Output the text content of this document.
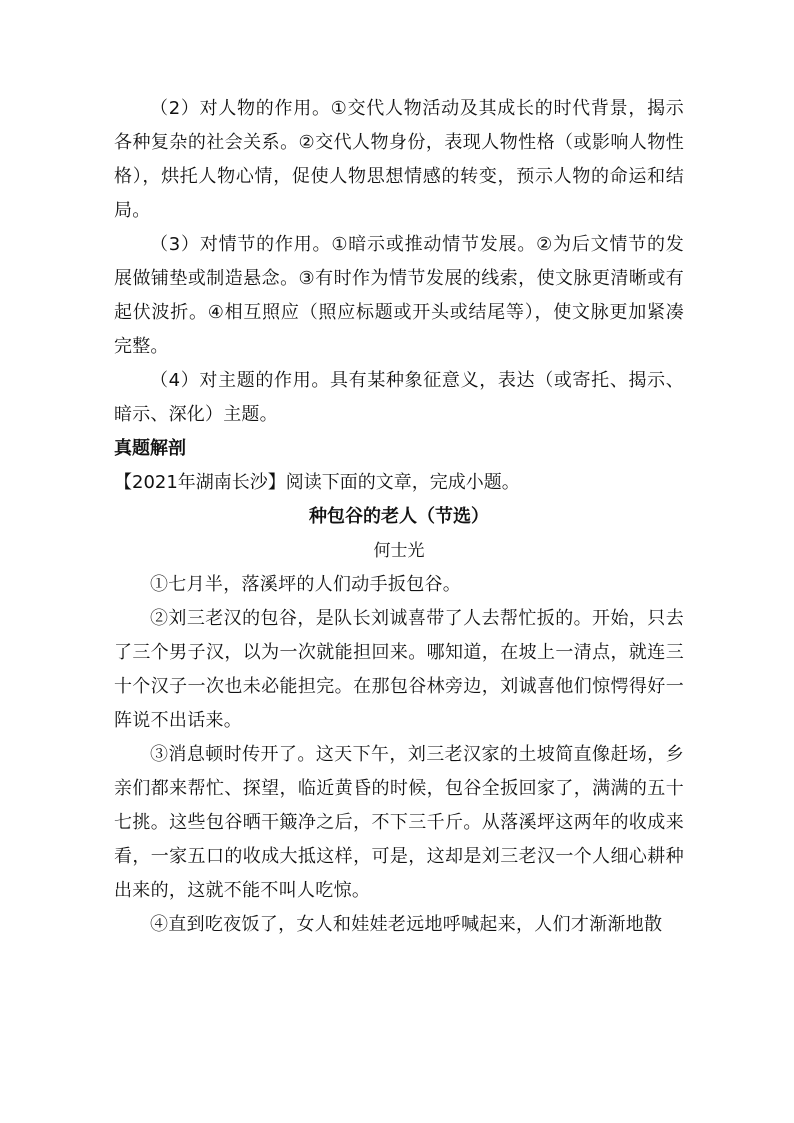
（2）对人物的作用。①交代人物活动及其成长的时代背景，揭示各种复杂的社会关系。②交代人物身份，表现人物性格（或影响人物性格），烘托人物心情，促使人物思想情感的转变，预示人物的命运和结局。

（3）对情节的作用。①暗示或推动情节发展。②为后文情节的发展做铺垫或制造悬念。③有时作为情节发展的线索，使文脉更清晰或有起伏波折。④相互照应（照应标题或开头或结尾等），使文脉更加紧凑完整。

（4）对主题的作用。具有某种象征意义，表达（或寄托、揭示、暗示、深化）主题。

真题解剖

【2021年湖南长沙】阅读下面的文章，完成小题。

种包谷的老人（节选）

何士光

①七月半，落溪坪的人们动手扳包谷。

②刘三老汉的包谷，是队长刘诚喜带了人去帮忙扳的。开始，只去了三个男子汉，以为一次就能担回来。哪知道，在坡上一清点，就连三十个汉子一次也未必能担完。在那包谷林旁边，刘诚喜他们惊愕得好一阵说不出话来。

③消息顿时传开了。这天下午，刘三老汉家的土坡简直像赶场，乡亲们都来帮忙、探望，临近黄昏的时候，包谷全扳回家了，满满的五十七挑。这些包谷晒干簸净之后，不下三千斤。从落溪坪这两年的收成来看，一家五口的收成大抵这样，可是，这却是刘三老汉一个人细心耕种出来的，这就不能不叫人吃惊。

④直到吃夜饭了，女人和娃娃老远地呼喊起来，人们才渐渐地散
